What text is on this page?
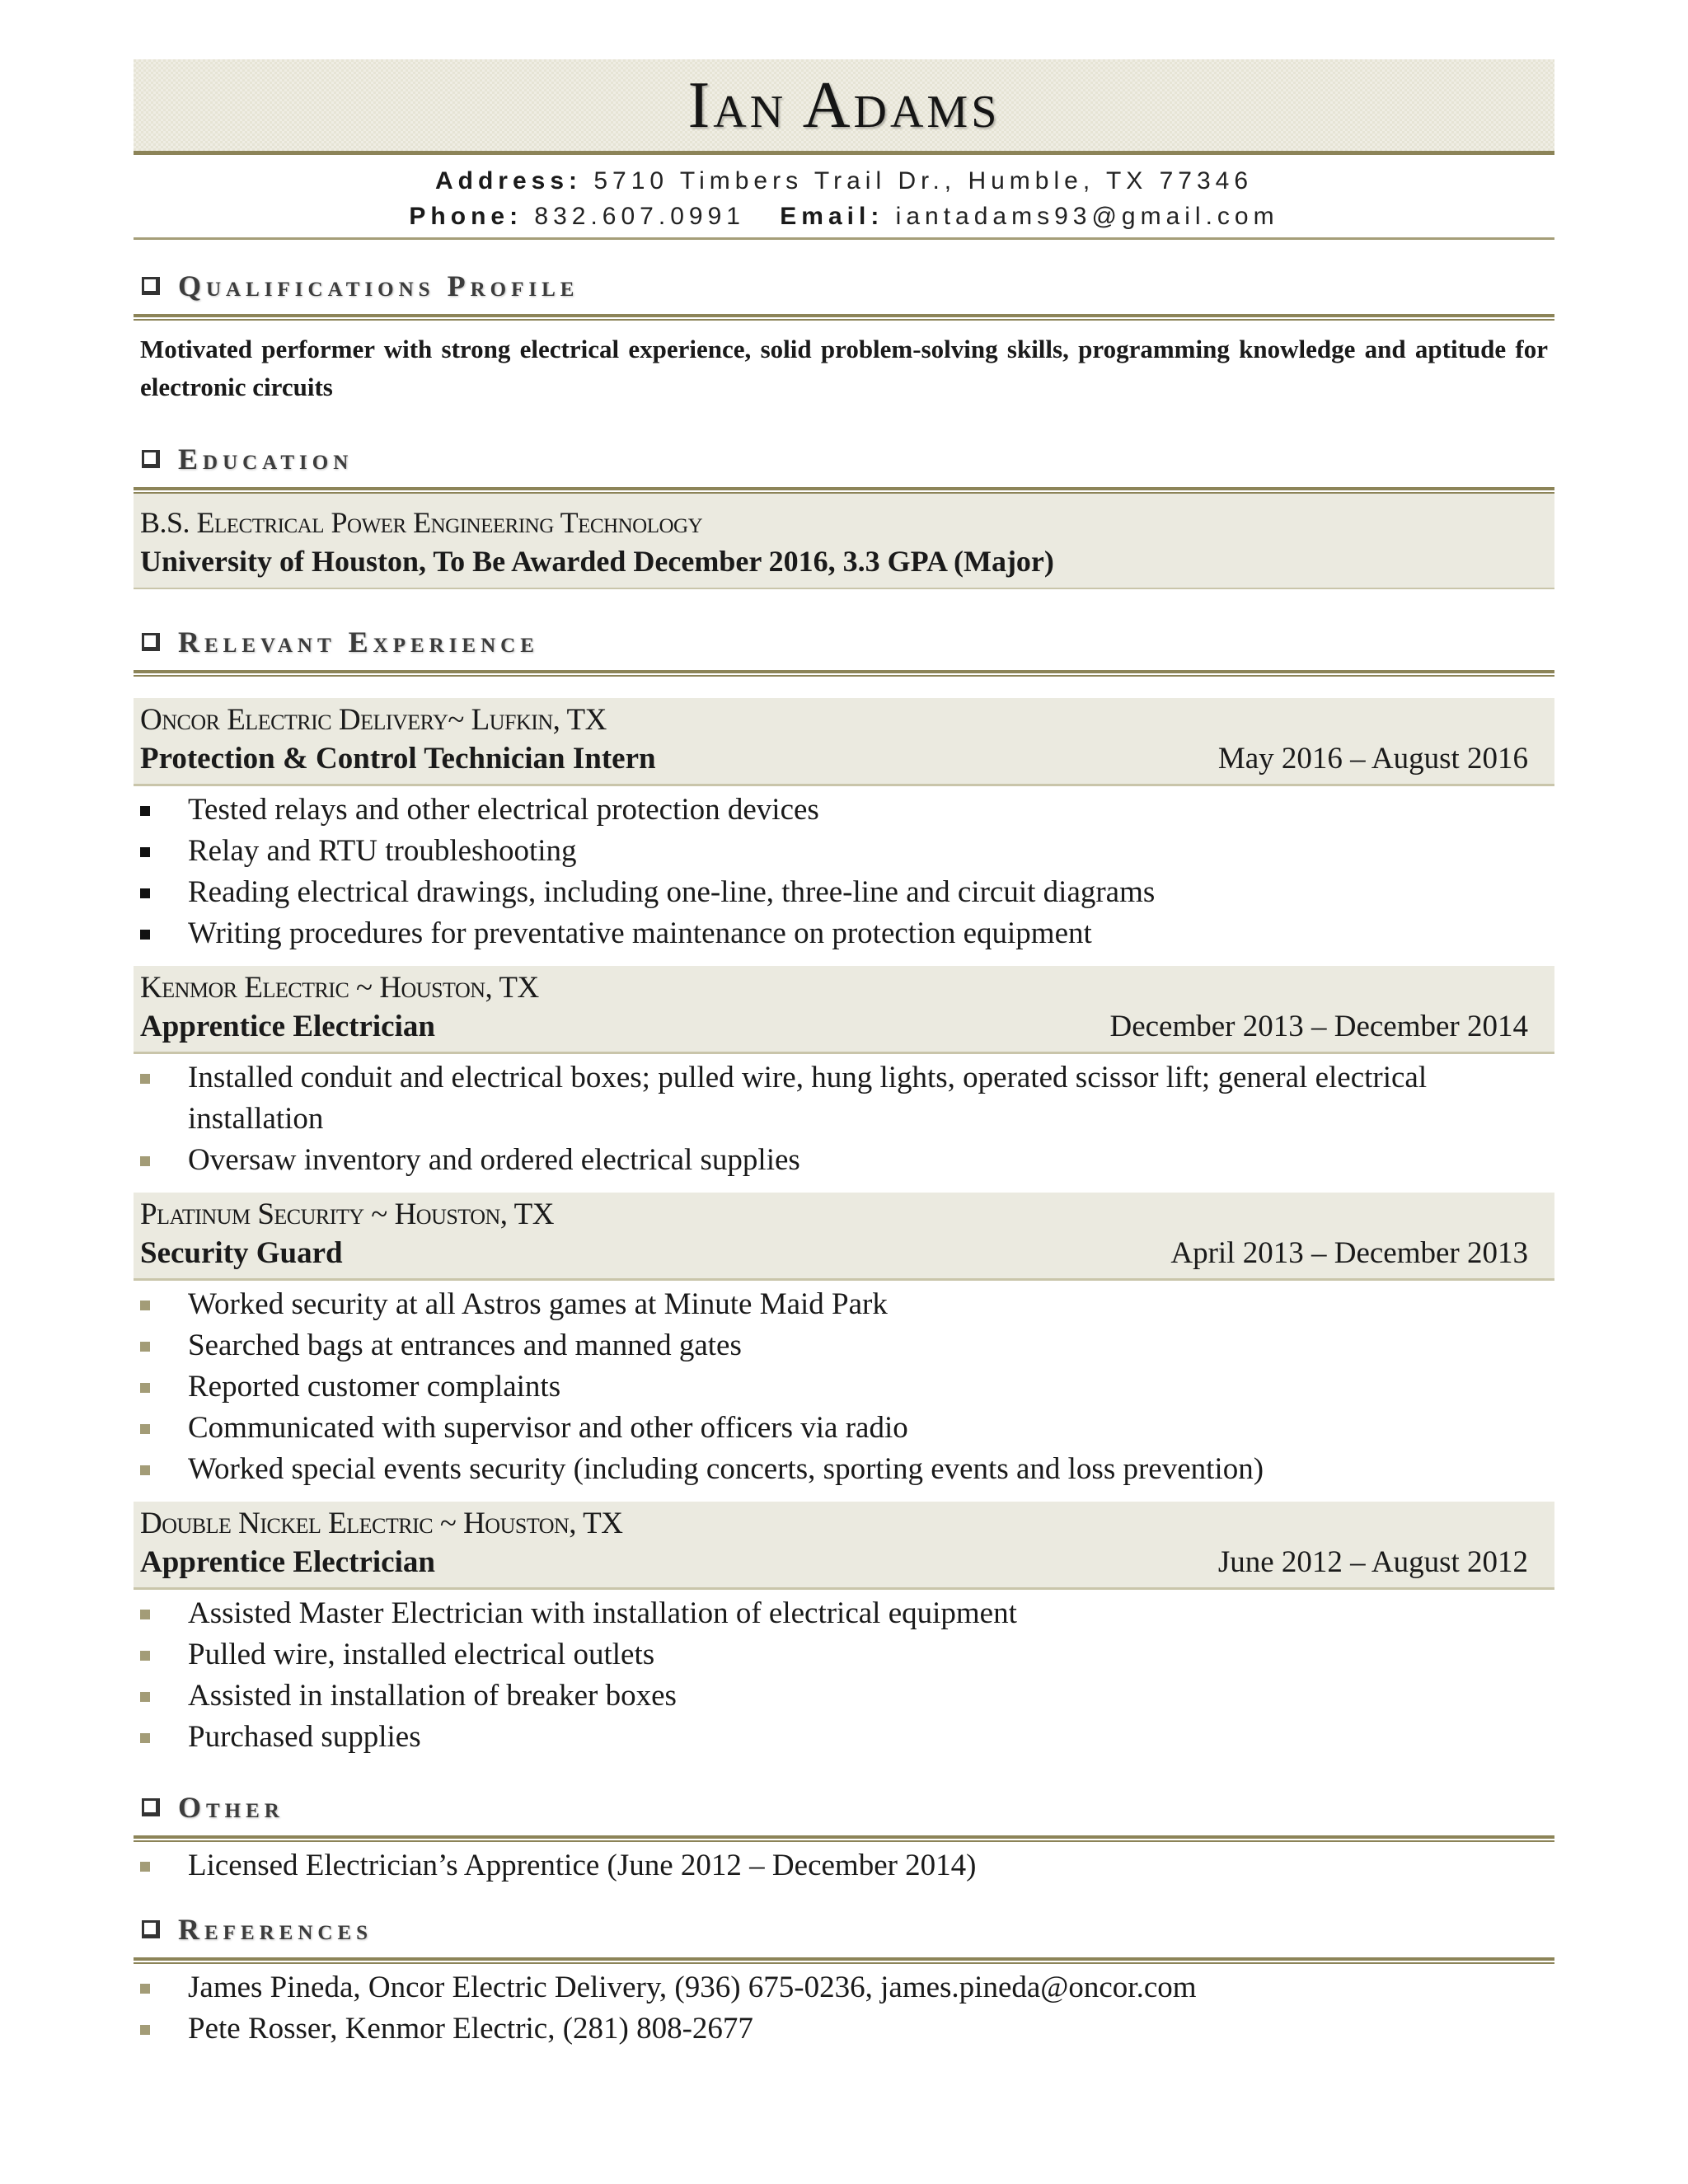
Ian Adams
Address: 5710 Timbers Trail Dr., Humble, TX 77346
Phone: 832.607.0991 Email: iantadams93@gmail.com
Qualifications Profile

Motivated performer with strong electrical experience, solid problem-solving skills, programming knowledge and aptitude for electronic circuits

Education
B.S. Electrical Power Engineering Technology
University of Houston, To Be Awarded December 2016, 3.3 GPA (Major)
Relevant Experience
Oncor Electric Delivery~ Lufkin, TX
Protection & Control Technician Intern	May 2016 – August 2016
Tested relays and other electrical protection devices
Relay and RTU troubleshooting
Reading electrical drawings, including one-line, three-line and circuit diagrams
Writing procedures for preventative maintenance on protection equipment
Kenmor Electric ~ Houston, TX
Apprentice Electrician	December 2013 – December 2014
Installed conduit and electrical boxes; pulled wire, hung lights, operated scissor lift; general electrical installation
Oversaw inventory and ordered electrical supplies
Platinum Security ~ Houston, TX
Security Guard	April 2013 – December 2013
Worked security at all Astros games at Minute Maid Park
Searched bags at entrances and manned gates
Reported customer complaints
Communicated with supervisor and other officers via radio
Worked special events security (including concerts, sporting events and loss prevention)
Double Nickel Electric ~ Houston, TX
Apprentice Electrician	June 2012 – August 2012
Assisted Master Electrician with installation of electrical equipment
Pulled wire, installed electrical outlets
Assisted in installation of breaker boxes
Purchased supplies
Other
Licensed Electrician’s Apprentice (June 2012 – December 2014)
References
James Pineda, Oncor Electric Delivery, (936) 675-0236, james.pineda@oncor.com
Pete Rosser, Kenmor Electric, (281) 808-2677
